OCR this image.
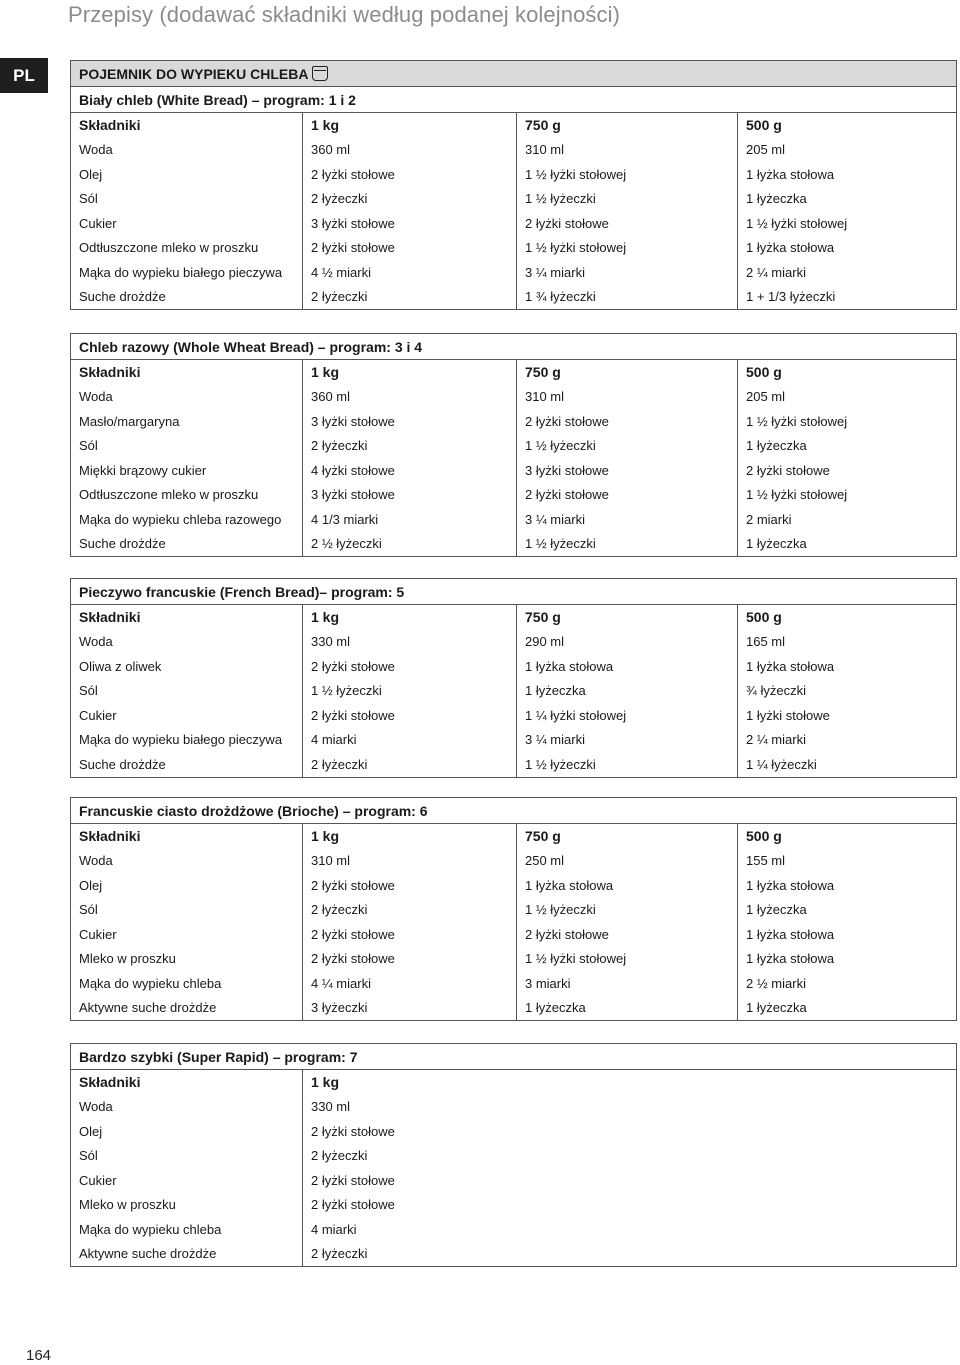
Przepisy (dodawać składniki według podanej kolejności)
PL	POJEMNIK DO WYPIEKU CHLEBA			
Biały chleb (White Bread) – program: 1 i 2			
Składniki	1 kg	750 g	500 g
Woda	360 ml	310 ml	205 ml
Olej	2 łyżki stołowe	1 ½ łyżki stołowej	1 łyżka stołowa
Sól	2 łyżeczki	1 ½ łyżeczki	1 łyżeczka
Cukier	3 łyżki stołowe	2 łyżki stołowe	1 ½ łyżki stołowej
Odtłuszczone mleko w proszku	2 łyżki stołowe	1 ½ łyżki stołowej	1 łyżka stołowa
Mąka do wypieku białego pieczywa	4 ½ miarki	3 ¼ miarki	2 ¼ miarki
Suche drożdże	2 łyżeczki	1 ¾ łyżeczki	1 + 1/3 łyżeczki
Chleb razowy (Whole Wheat Bread) – program: 3 i 4			
Składniki	1 kg	750 g	500 g
Woda	360 ml	310 ml	205 ml
Masło/margaryna	3 łyżki stołowe	2 łyżki stołowe	1 ½ łyżki stołowej
Sól	2 łyżeczki	1 ½ łyżeczki	1 łyżeczka
Miękki brązowy cukier	4 łyżki stołowe	3 łyżki stołowe	2 łyżki stołowe
Odtłuszczone mleko w proszku	3 łyżki stołowe	2 łyżki stołowe	1 ½ łyżki stołowej
Mąka do wypieku chleba razowego	4 1/3 miarki	3 ¼ miarki	2 miarki
Suche drożdże	2 ½ łyżeczki	1 ½ łyżeczki	1 łyżeczka
Pieczywo francuskie (French Bread)– program: 5			
Składniki	1 kg	750 g	500 g
Woda	330 ml	290 ml	165 ml
Oliwa z oliwek	2 łyżki stołowe	1 łyżka stołowa	1 łyżka stołowa
Sól	1 ½ łyżeczki	1 łyżeczka	¾ łyżeczki
Cukier	2 łyżki stołowe	1 ¼ łyżki stołowej	1 łyżki stołowe
Mąka do wypieku białego pieczywa	4 miarki	3 ¼ miarki	2 ¼ miarki
Suche drożdże	2 łyżeczki	1 ½ łyżeczki	1 ¼ łyżeczki
Francuskie ciasto drożdżowe (Brioche) – program: 6			
Składniki	1 kg	750 g	500 g
Woda	310 ml	250 ml	155 ml
Olej	2 łyżki stołowe	1 łyżka stołowa	1 łyżka stołowa
Sól	2 łyżeczki	1 ½ łyżeczki	1 łyżeczka
Cukier	2 łyżki stołowe	2 łyżki stołowe	1 łyżka stołowa
Mleko w proszku	2 łyżki stołowe	1 ½ łyżki stołowej	1 łyżka stołowa
Mąka do wypieku chleba	4 ¼ miarki	3 miarki	2 ½ miarki
Aktywne suche drożdże	3 łyżeczki	1 łyżeczka	1 łyżeczka
Bardzo szybki (Super Rapid) – program: 7	
Składniki	1 kg
Woda	330 ml
Olej	2 łyżki stołowe
Sól	2 łyżeczki
Cukier	2 łyżki stołowe
Mleko w proszku	2 łyżki stołowe
Mąka do wypieku chleba	4 miarki
Aktywne suche drożdże	2 łyżeczki
164
